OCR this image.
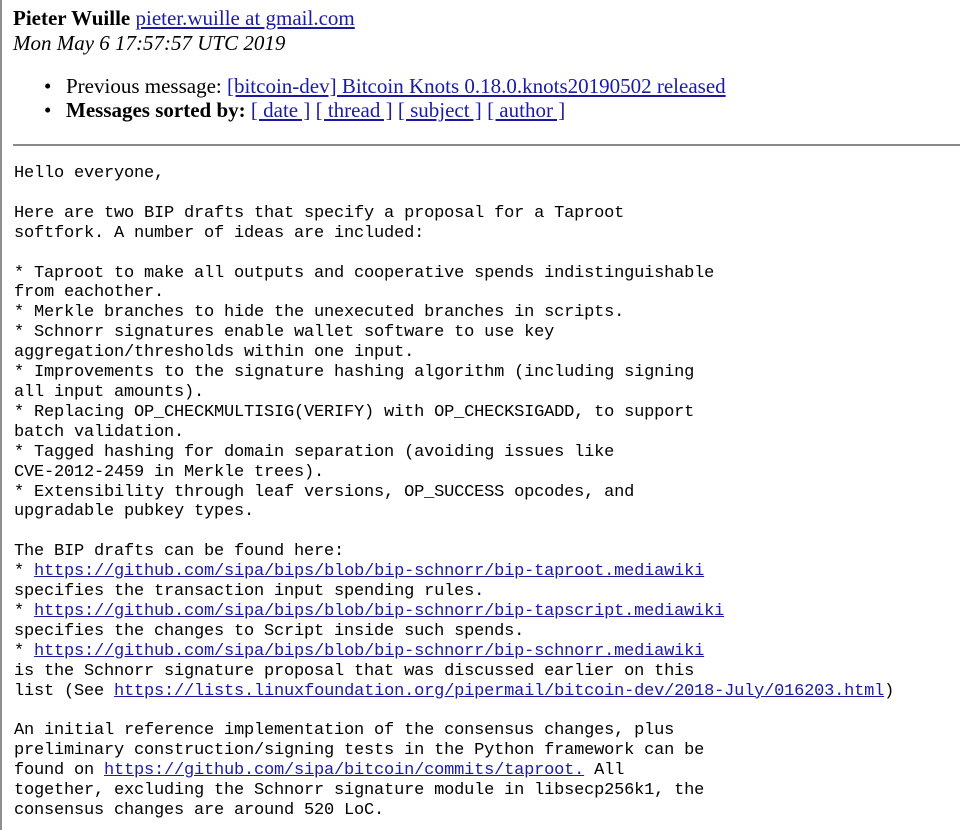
Pieter Wuille pieter.wuille at gmail.com
Mon May 6 17:57:57 UTC 2019
• Previous message: [bitcoin-dev] Bitcoin Knots 0.18.0.knots20190502 released
• Messages sorted by: [ date ] [ thread ] [ subject ] [ author ]
Hello everyone,

Here are two BIP drafts that specify a proposal for a Taproot
softfork. A number of ideas are included:

* Taproot to make all outputs and cooperative spends indistinguishable
from eachother.
* Merkle branches to hide the unexecuted branches in scripts.
* Schnorr signatures enable wallet software to use key
aggregation/thresholds within one input.
* Improvements to the signature hashing algorithm (including signing
all input amounts).
* Replacing OP_CHECKMULTISIG(VERIFY) with OP_CHECKSIGADD, to support
batch validation.
* Tagged hashing for domain separation (avoiding issues like
CVE-2012-2459 in Merkle trees).
* Extensibility through leaf versions, OP_SUCCESS opcodes, and
upgradable pubkey types.

The BIP drafts can be found here:
* https://github.com/sipa/bips/blob/bip-schnorr/bip-taproot.mediawiki
specifies the transaction input spending rules.
* https://github.com/sipa/bips/blob/bip-schnorr/bip-tapscript.mediawiki
specifies the changes to Script inside such spends.
* https://github.com/sipa/bips/blob/bip-schnorr/bip-schnorr.mediawiki
is the Schnorr signature proposal that was discussed earlier on this
list (See https://lists.linuxfoundation.org/pipermail/bitcoin-dev/2018-July/016203.html)

An initial reference implementation of the consensus changes, plus
preliminary construction/signing tests in the Python framework can be
found on https://github.com/sipa/bitcoin/commits/taproot. All
together, excluding the Schnorr signature module in libsecp256k1, the
consensus changes are around 520 LoC.
